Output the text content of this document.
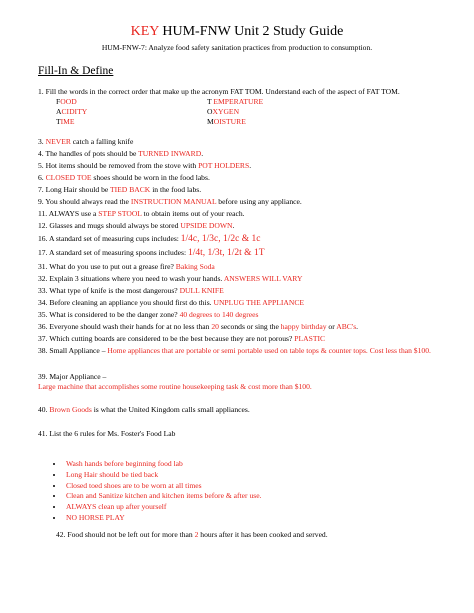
KEY HUM-FNW Unit 2 Study Guide
HUM-FNW-7: Analyze food safety sanitation practices from production to consumption.
Fill-In & Define
1. Fill the words in the correct order that make up the acronym FAT TOM. Understand each of the aspect of FAT TOM.
FOOD
ACIDITY
TIME
T EMPERATURE
OXYGEN
MOISTURE
3. NEVER catch a falling knife
4. The handles of pots should be TURNED INWARD.
5. Hot items should be removed from the stove with POT HOLDERS.
6. CLOSED TOE shoes should be worn in the food labs.
7. Long Hair should be TIED BACK in the food labs.
9. You should always read the INSTRUCTION MANUAL before using any appliance.
11. ALWAYS use a STEP STOOL to obtain items out of your reach.
12. Glasses and mugs should always be stored UPSIDE DOWN.
16. A standard set of measuring cups includes: 1/4c, 1/3c, 1/2c & 1c
17. A standard set of measuring spoons includes: 1/4t, 1/3t, 1/2t & 1T
31. What do you use to put out a grease fire? Baking Soda
32. Explain 3 situations where you need to wash your hands. ANSWERS WILL VARY
33. What type of knife is the most dangerous? DULL KNIFE
34. Before cleaning an appliance you should first do this. UNPLUG THE APPLIANCE
35. What is considered to be the danger zone? 40 degrees to 140 degrees
36. Everyone should wash their hands for at no less than 20 seconds or sing the happy birthday or ABC's.
37. Which cutting boards are considered to be the best because they are not porous? PLASTIC
38. Small Appliance – Home appliances that are portable or semi portable used on table tops & counter tops. Cost less than $100.
39. Major Appliance –
Large machine that accomplishes some routine housekeeping task & cost more than $100.
40. Brown Goods is what the United Kingdom calls small appliances.
41. List the 6 rules for Ms. Foster's Food Lab
• Wash hands before beginning food lab
• Long Hair should be tied back
• Closed toed shoes are to be worn at all times
• Clean and Sanitize kitchen and kitchen items before & after use.
• ALWAYS clean up after yourself
• NO HORSE PLAY
42. Food should not be left out for more than 2 hours after it has been cooked and served.
